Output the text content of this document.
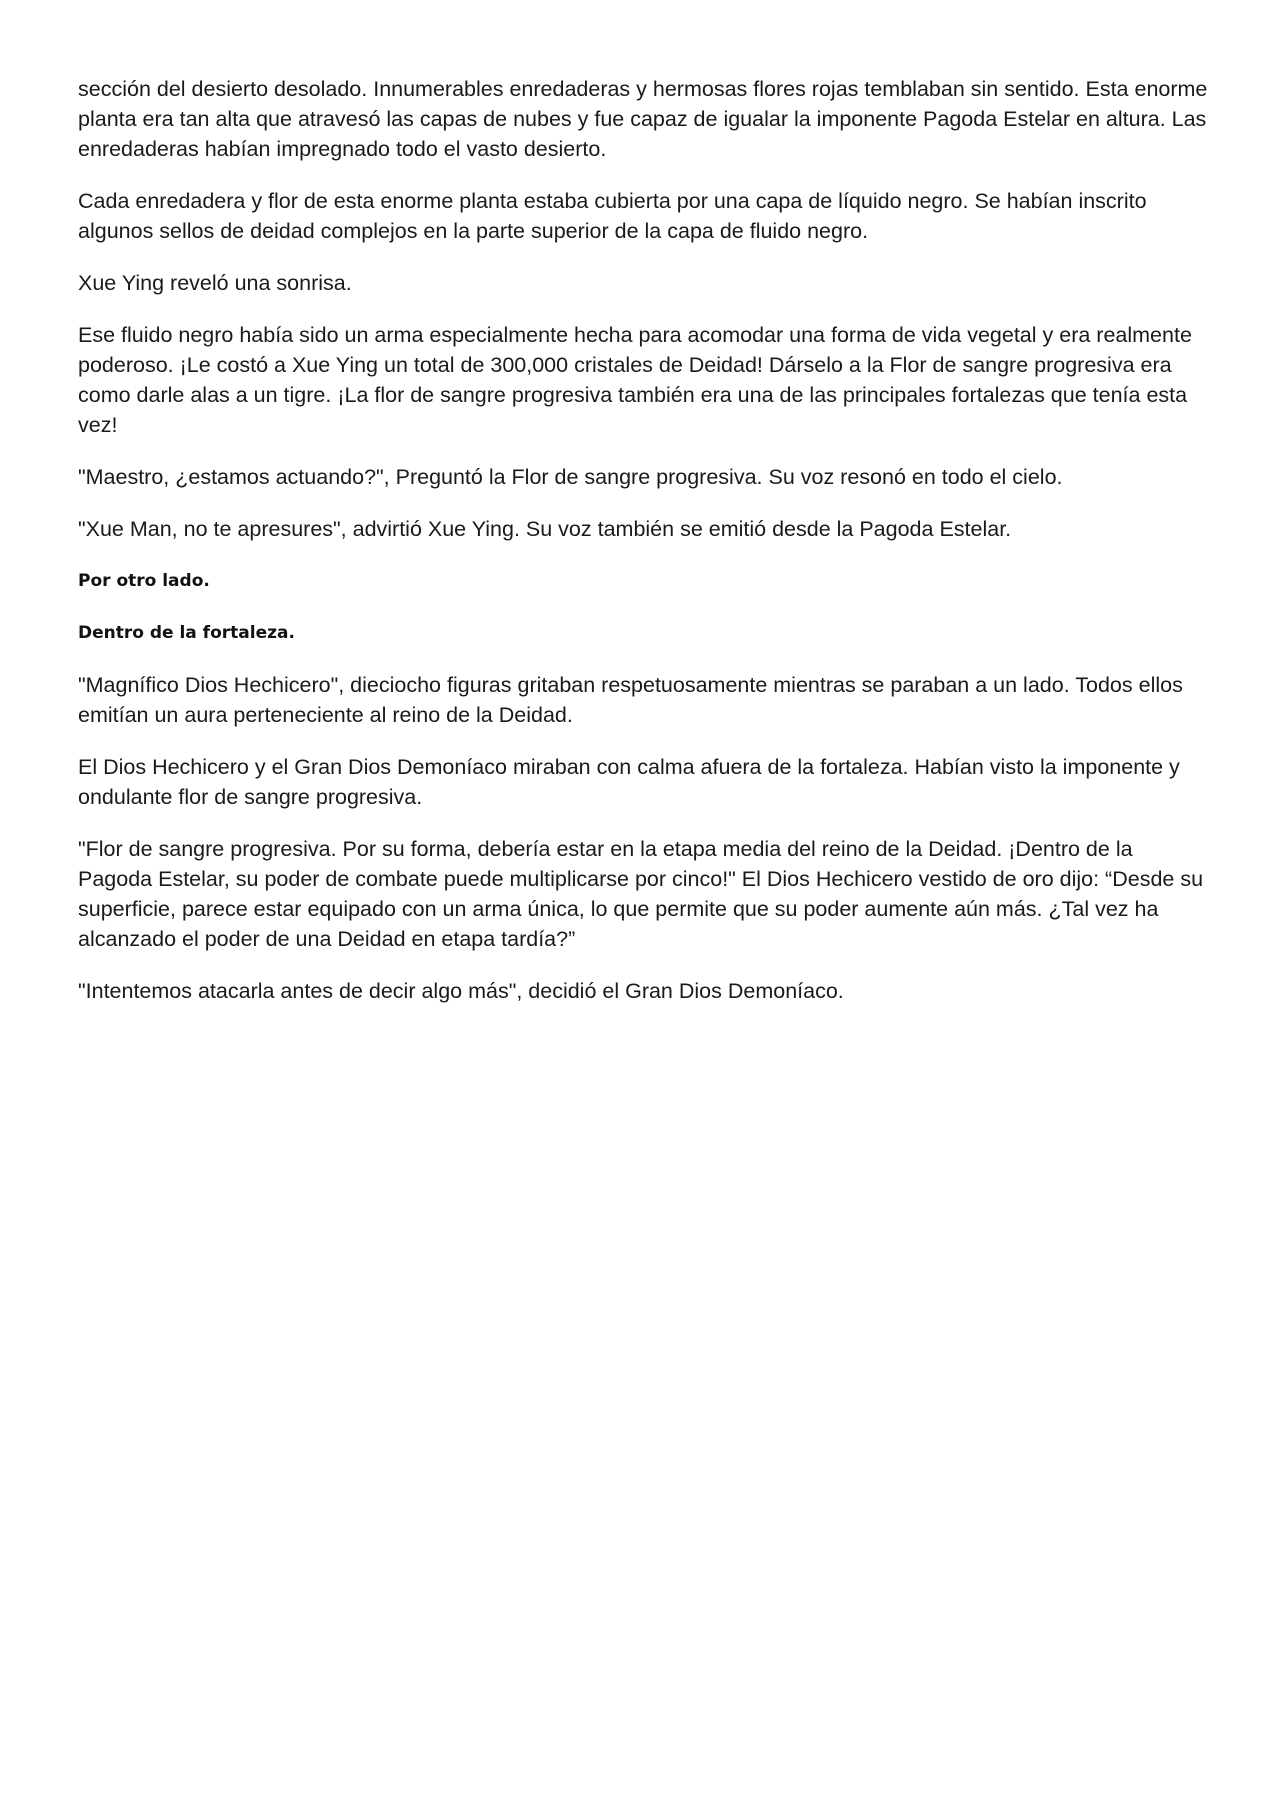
sección del desierto desolado. Innumerables enredaderas y hermosas flores rojas temblaban sin sentido. Esta enorme planta era tan alta que atravesó las capas de nubes y fue capaz de igualar la imponente Pagoda Estelar en altura. Las enredaderas habían impregnado todo el vasto desierto.

Cada enredadera y flor de esta enorme planta estaba cubierta por una capa de líquido negro. Se habían inscrito algunos sellos de deidad complejos en la parte superior de la capa de fluido negro.

Xue Ying reveló una sonrisa.

Ese fluido negro había sido un arma especialmente hecha para acomodar una forma de vida vegetal y era realmente poderoso. ¡Le costó a Xue Ying un total de 300,000 cristales de Deidad! Dárselo a la Flor de sangre progresiva era como darle alas a un tigre. ¡La flor de sangre progresiva también era una de las principales fortalezas que tenía esta vez!

"Maestro, ¿estamos actuando?", Preguntó la Flor de sangre progresiva. Su voz resonó en todo el cielo.

"Xue Man, no te apresures", advirtió Xue Ying. Su voz también se emitió desde la Pagoda Estelar.

Por otro lado.

Dentro de la fortaleza.

"Magnífico Dios Hechicero", dieciocho figuras gritaban respetuosamente mientras se paraban a un lado. Todos ellos emitían un aura perteneciente al reino de la Deidad.

El Dios Hechicero y el Gran Dios Demoníaco miraban con calma afuera de la fortaleza. Habían visto la imponente y ondulante flor de sangre progresiva.

"Flor de sangre progresiva. Por su forma, debería estar en la etapa media del reino de la Deidad. ¡Dentro de la Pagoda Estelar, su poder de combate puede multiplicarse por cinco!" El Dios Hechicero vestido de oro dijo: “Desde su superficie, parece estar equipado con un arma única, lo que permite que su poder aumente aún más. ¿Tal vez ha alcanzado el poder de una Deidad en etapa tardía?”

"Intentemos atacarla antes de decir algo más", decidió el Gran Dios Demoníaco.
